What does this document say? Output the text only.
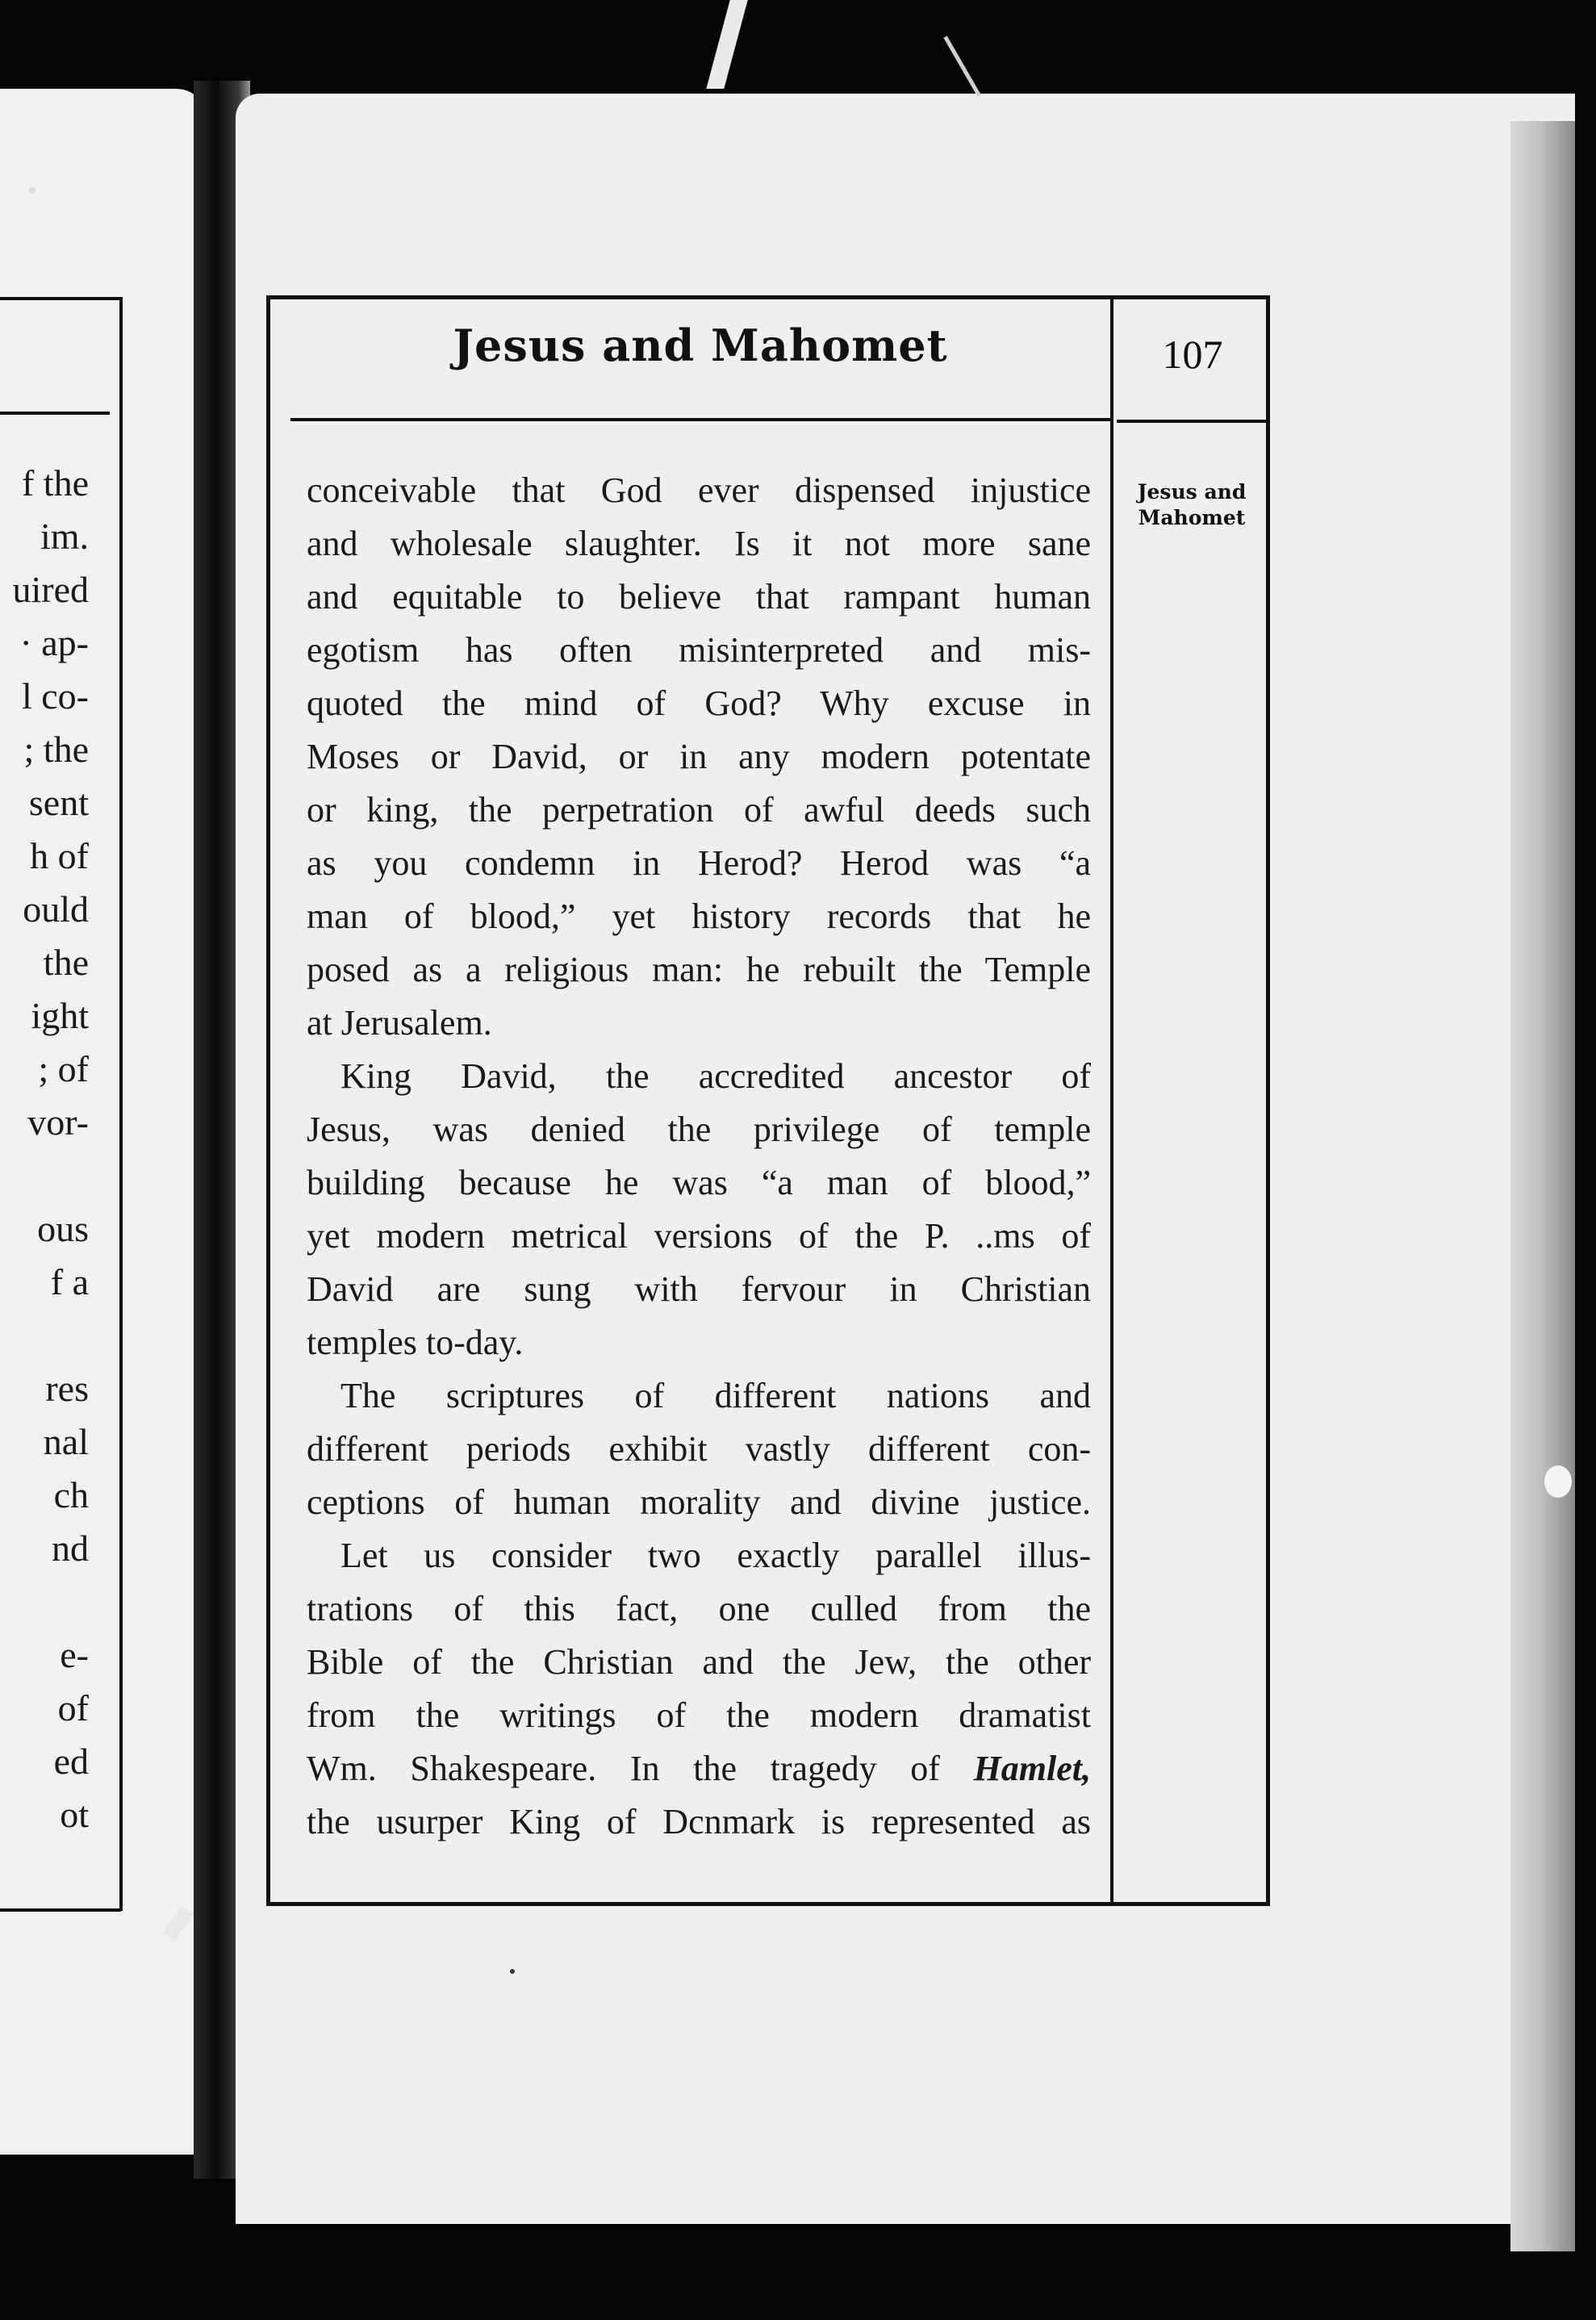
f the
im.
uired
· ap-
l co-
; the
sent
h of
ould
the
ight
; of
vor-
ous
f a
res
nal
ch
nd
e-
of
ed
ot
Jesus and Mahomet	107
Jesus and
Mahomet
conceivable that God ever dispensed injustice
and wholesale slaughter. Is it not more sane
and equitable to believe that rampant human
egotism has often misinterpreted and mis-
quoted the mind of God? Why excuse in
Moses or David, or in any modern potentate
or king, the perpetration of awful deeds such
as you condemn in Herod? Herod was “a
man of blood,” yet history records that he
posed as a religious man: he rebuilt the Temple
at Jerusalem.
King David, the accredited ancestor of
Jesus, was denied the privilege of temple
building because he was “a man of blood,”
yet modern metrical versions of the P. ..ms of
David are sung with fervour in Christian
temples to-day.
The scriptures of different nations and
different periods exhibit vastly different con-
ceptions of human morality and divine justice.
Let us consider two exactly parallel illus-
trations of this fact, one culled from the
Bible of the Christian and the Jew, the other
from the writings of the modern dramatist
Wm. Shakespeare. In the tragedy of Hamlet,
the usurper King of Dcnmark is represented as
